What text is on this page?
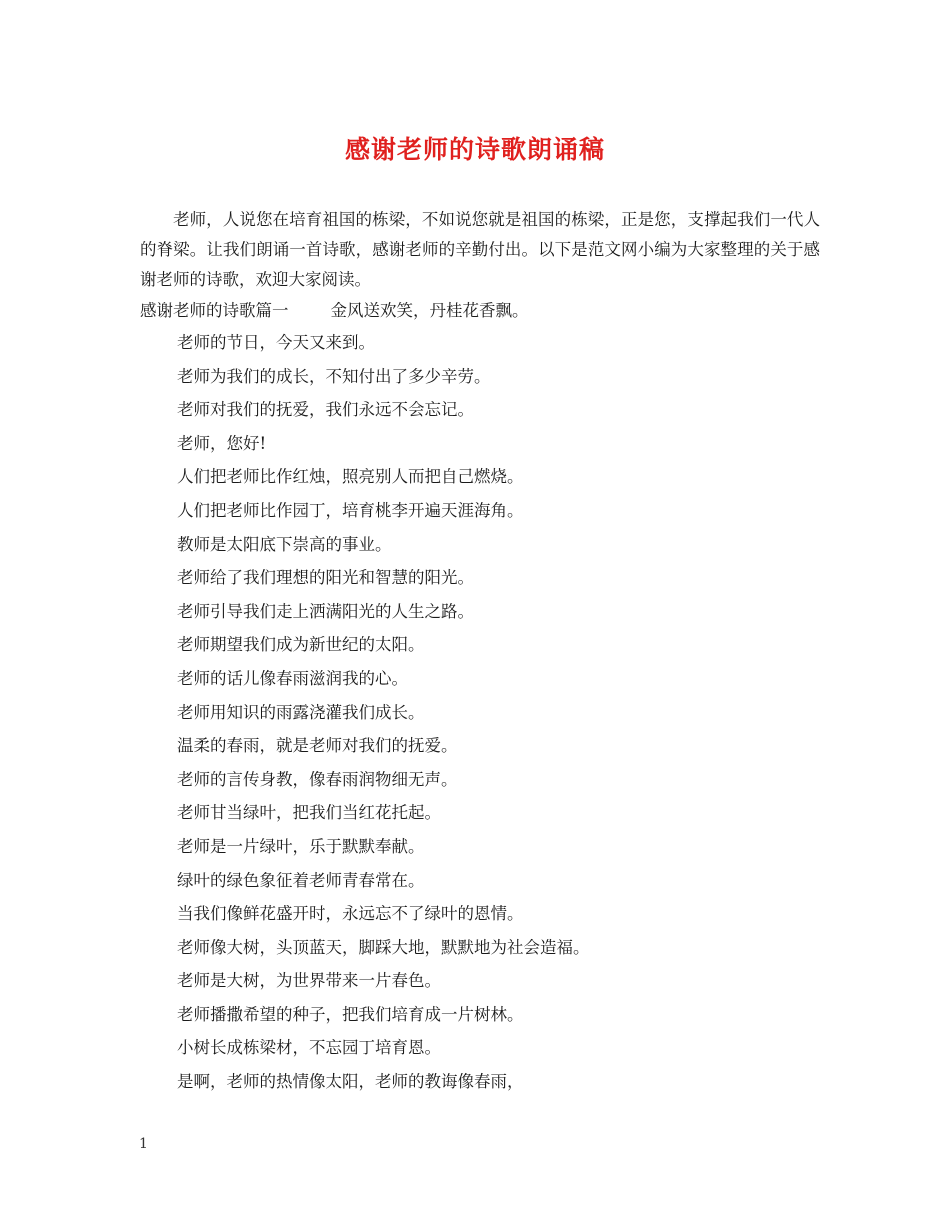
感谢老师的诗歌朗诵稿

老师，人说您在培育祖国的栋梁，不如说您就是祖国的栋梁，正是您，支撑起我们一代人的脊梁。让我们朗诵一首诗歌，感谢老师的辛勤付出。以下是范文网小编为大家整理的关于感谢老师的诗歌，欢迎大家阅读。

感谢老师的诗歌篇一	金风送欢笑，丹桂花香飘。

老师的节日，今天又来到。

老师为我们的成长，不知付出了多少辛劳。

老师对我们的抚爱，我们永远不会忘记。

老师，您好!

人们把老师比作红烛，照亮别人而把自己燃烧。

人们把老师比作园丁，培育桃李开遍天涯海角。

教师是太阳底下崇高的事业。

老师给了我们理想的阳光和智慧的阳光。

老师引导我们走上洒满阳光的人生之路。

老师期望我们成为新世纪的太阳。

老师的话儿像春雨滋润我的心。

老师用知识的雨露浇灌我们成长。

温柔的春雨，就是老师对我们的抚爱。

老师的言传身教，像春雨润物细无声。

老师甘当绿叶，把我们当红花托起。

老师是一片绿叶，乐于默默奉献。

绿叶的绿色象征着老师青春常在。

当我们像鲜花盛开时，永远忘不了绿叶的恩情。

老师像大树，头顶蓝天，脚踩大地，默默地为社会造福。

老师是大树，为世界带来一片春色。

老师播撒希望的种子，把我们培育成一片树林。

小树长成栋梁材，不忘园丁培育恩。

是啊，老师的热情像太阳，老师的教诲像春雨，

1
